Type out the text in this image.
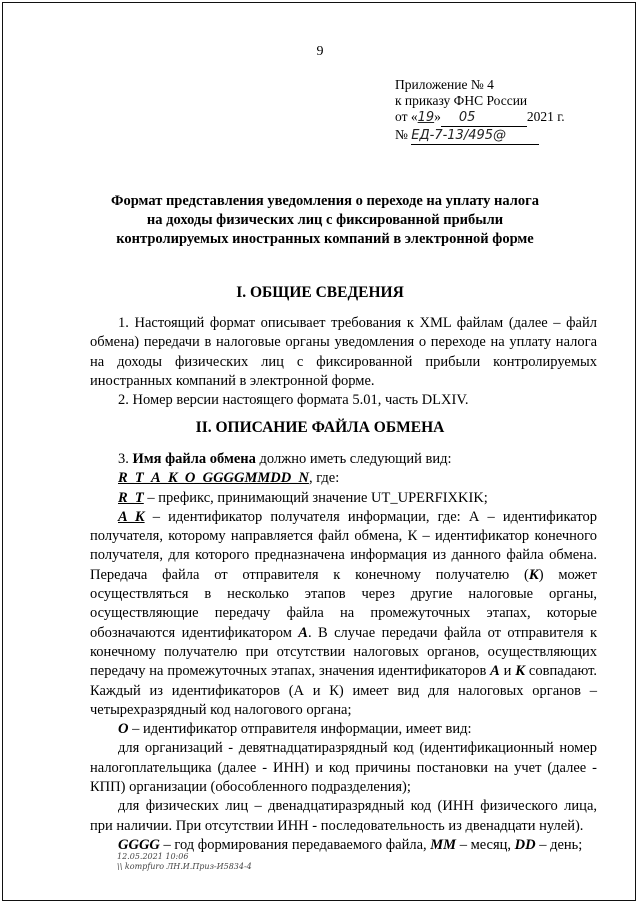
9
Приложение № 4
к приказу ФНС России
от «19» 05	2021 г.
№ ЕД-7-13/495@
Формат представления уведомления о переходе на уплату налога
на доходы физических лиц с фиксированной прибыли
контролируемых иностранных компаний в электронной форме
I. ОБЩИЕ СВЕДЕНИЯ

1. Настоящий формат описывает требования к XML файлам (далее – файл обмена) передачи в налоговые органы уведомления о переходе на уплату налога на доходы физических лиц с фиксированной прибыли контролируемых иностранных компаний в электронной форме.

2. Номер версии настоящего формата 5.01, часть DLXIV.

II. ОПИСАНИЕ ФАЙЛА ОБМЕНА

3. Имя файла обмена должно иметь следующий вид:

R_T_A_K_O_GGGGMMDD_N, где:

R_T – префикс, принимающий значение UT_UPERFIXKIK;

A_K – идентификатор получателя информации, где: А – идентификатор получателя, которому направляется файл обмена, К – идентификатор конечного получателя, для которого предназначена информация из данного файла обмена. Передача файла от отправителя к конечному получателю (К) может осуществляться в несколько этапов через другие налоговые органы, осуществляющие передачу файла на промежуточных этапах, которые обозначаются идентификатором А. В случае передачи файла от отправителя к конечному получателю при отсутствии налоговых органов, осуществляющих передачу на промежуточных этапах, значения идентификаторов А и К совпадают. Каждый из идентификаторов (А и К) имеет вид для налоговых органов – четырехразрядный код налогового органа;

O – идентификатор отправителя информации, имеет вид:

для организаций - девятнадцатиразрядный код (идентификационный номер налогоплательщика (далее - ИНН) и код причины постановки на учет (далее - КПП) организации (обособленного подразделения);

для физических лиц – двенадцатиразрядный код (ИНН физического лица, при наличии. При отсутствии ИНН - последовательность из двенадцати нулей).

GGGG – год формирования передаваемого файла, MM – месяц, DD – день;

12.05.2021 10:06
\\ kompfuro ЛН.И.Приз-И5834-4
